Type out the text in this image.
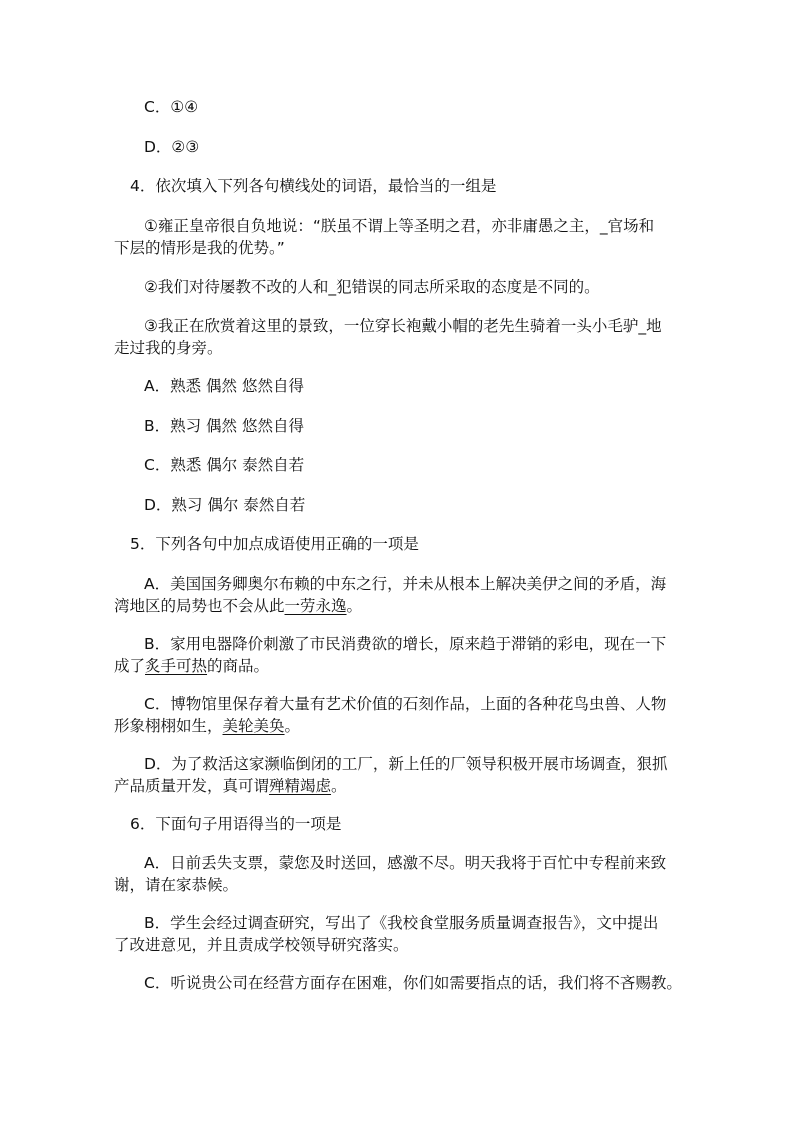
C．①④

D．②③

4．依次填入下列各句横线处的词语，最恰当的一组是

①雍正皇帝很自负地说：“朕虽不谓上等圣明之君，亦非庸愚之主，_官场和

下层的情形是我的优势。”

②我们对待屡教不改的人和_犯错误的同志所采取的态度是不同的。

③我正在欣赏着这里的景致，一位穿长袍戴小帽的老先生骑着一头小毛驴_地

走过我的身旁。

A．熟悉 偶然 悠然自得

B．熟习 偶然 悠然自得

C．熟悉 偶尔 泰然自若

D．熟习 偶尔 泰然自若

5．下列各句中加点成语使用正确的一项是

A．美国国务卿奥尔布赖的中东之行，并未从根本上解决美伊之间的矛盾，海

湾地区的局势也不会从此一劳永逸。

B．家用电器降价刺激了市民消费欲的增长，原来趋于滞销的彩电，现在一下

成了炙手可热的商品。

C．博物馆里保存着大量有艺术价值的石刻作品，上面的各种花鸟虫兽、人物

形象栩栩如生，美轮美奂。

D．为了救活这家濒临倒闭的工厂，新上任的厂领导积极开展市场调查，狠抓

产品质量开发，真可谓殚精竭虑。

6．下面句子用语得当的一项是

A．日前丢失支票，蒙您及时送回，感激不尽。明天我将于百忙中专程前来致

谢，请在家恭候。

B．学生会经过调查研究，写出了《我校食堂服务质量调查报告》，文中提出

了改进意见，并且责成学校领导研究落实。

C．听说贵公司在经营方面存在困难，你们如需要指点的话，我们将不吝赐教。
